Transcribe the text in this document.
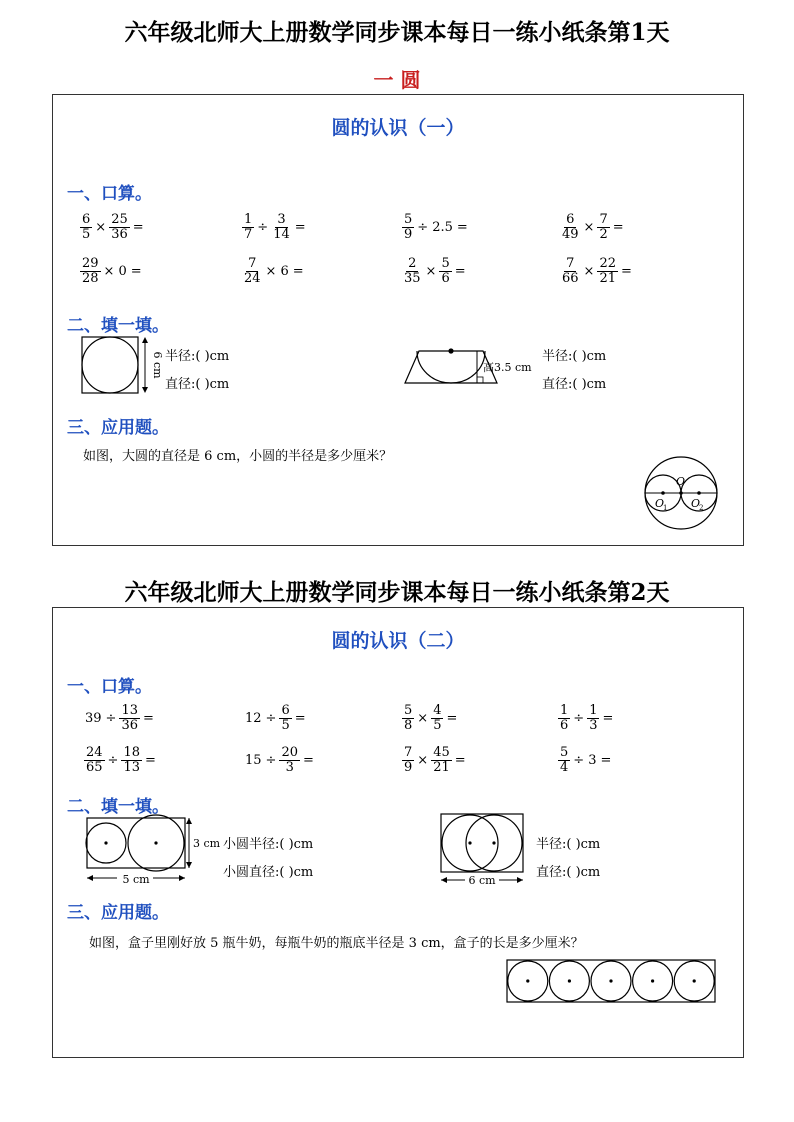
六年级北师大上册数学同步课本每日一练小纸条第1天
一 圆
圆的认识（一）
一、口算。
$\frac{6}{5} \times \frac{25}{36}$ =	$\frac{1}{7} \div \frac{3}{14}$ =	$\frac{5}{9} \div 2.5$ =	$\frac{6}{49} \times \frac{7}{2}$ =
$\frac{29}{28} \times 0$ =	$\frac{7}{24} \times 6$ =	$\frac{2}{35} \times \frac{5}{6}$ =	$\frac{7}{66} \times \frac{22}{21}$ =
二、填一填。
6 cm 半径:( )cm
直径:( )cm
高3.5 cm
半径:( )cm
直径:( )cm
三、应用题。
如图，大圆的直径是 6 cm，小圆的半径是多少厘米？
O
O
1 O
2
六年级北师大上册数学同步课本每日一练小纸条第2天
圆的认识（二）
一、口算。
$39 \div \frac{13}{36}$ =	$12 \div \frac{6}{5}$ =	$\frac{5}{8} \times \frac{4}{5}$ =	$\frac{1}{6} \div \frac{1}{3}$ =
$\frac{24}{65} \div \frac{18}{13}$ =	$15 \div \frac{20}{3}$ =	$\frac{7}{9} \times \frac{45}{21}$ =	$\frac{5}{4} \div 3$ =
二、填一填。
3 cm
5 cm
小圆半径:( )cm
小圆直径:( )cm
6 cm
半径:( )cm
直径:( )cm
三、应用题。
如图，盒子里刚好放 5 瓶牛奶，每瓶牛奶的瓶底半径是 3 cm，盒子的长是多少厘米？
